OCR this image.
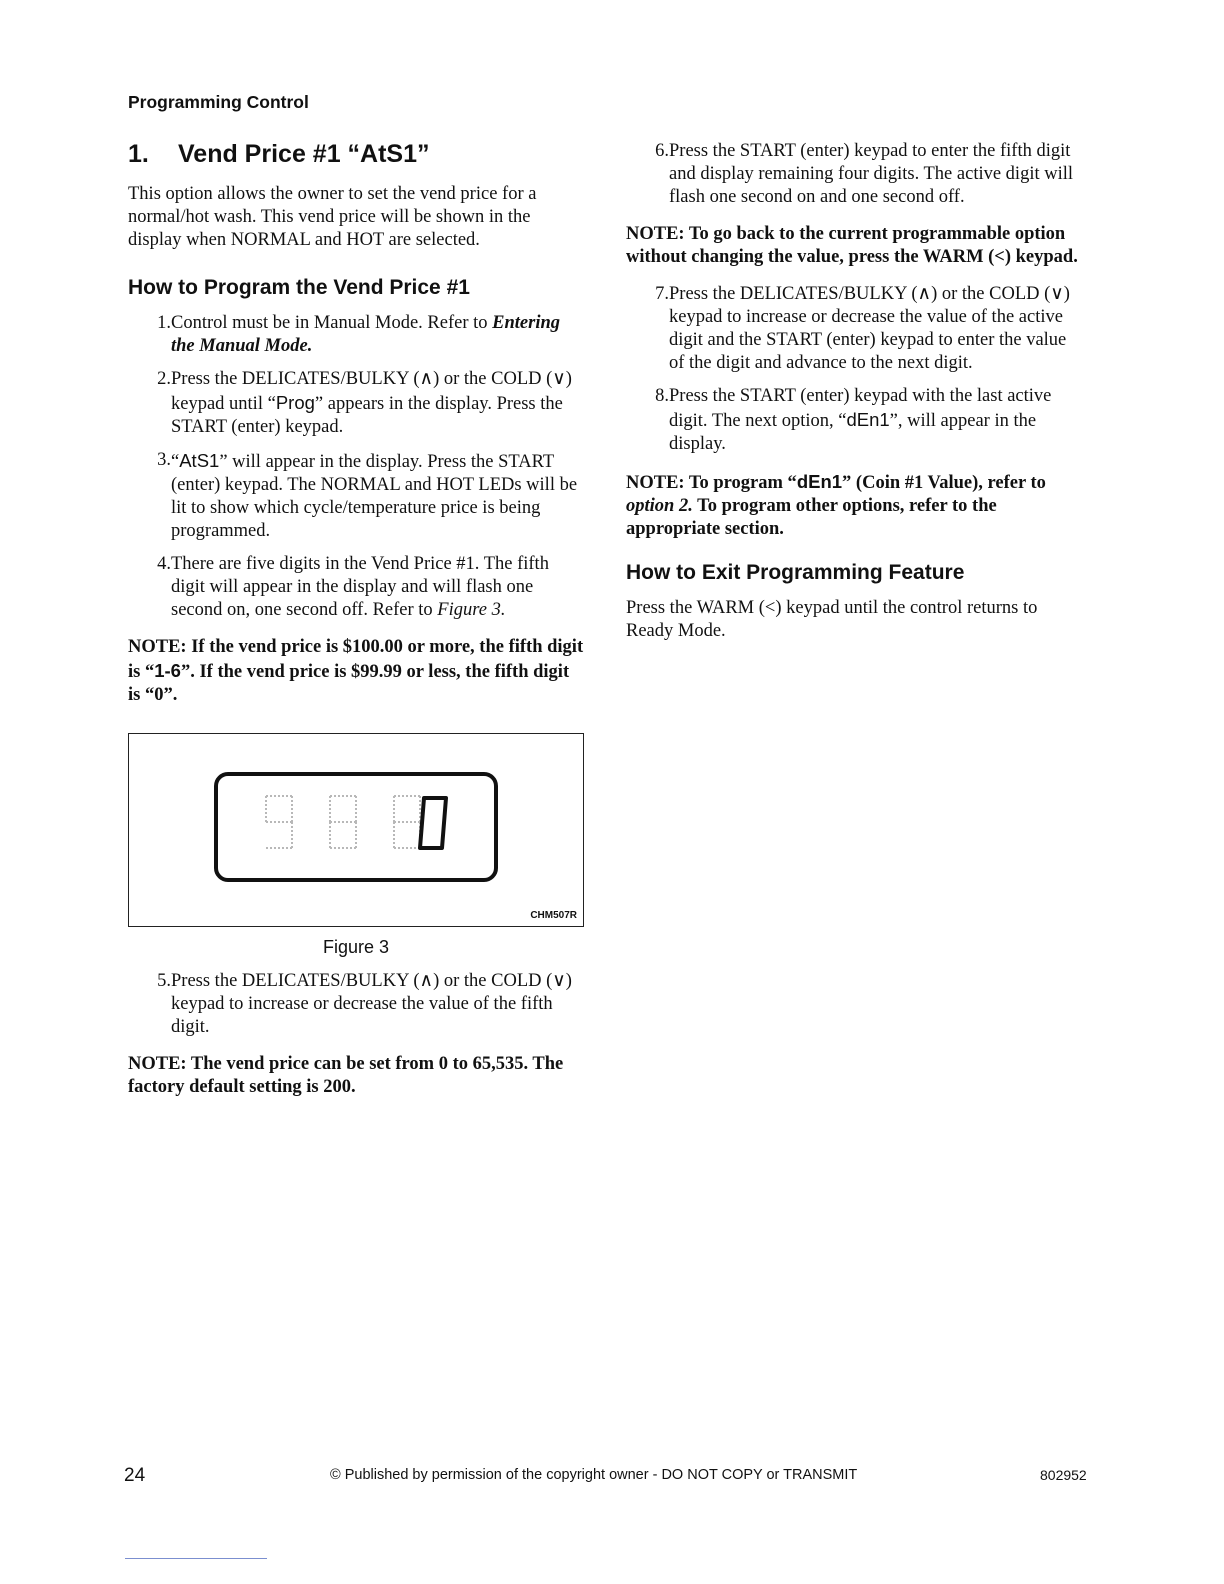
Programming Control
1.	Vend Price #1 “AtS1”

This option allows the owner to set the vend price for a normal/hot wash. This vend price will be shown in the display when NORMAL and HOT are selected.

How to Program the Vend Price #1
1. Control must be in Manual Mode. Refer to Entering the Manual Mode.
2. Press the DELICATES/BULKY (∧) or the COLD (∨) keypad until “Prog” appears in the display. Press the START (enter) keypad.
3. “AtS1” will appear in the display. Press the START (enter) keypad. The NORMAL and HOT LEDs will be lit to show which cycle/temperature price is being programmed.
4. There are five digits in the Vend Price #1. The fifth digit will appear in the display and will flash one second on, one second off. Refer to Figure 3.
NOTE: If the vend price is $100.00 or more, the fifth digit is “1-6”. If the vend price is $99.99 or less, the fifth digit is “0”.
0
CHM507R
Figure 3
5. Press the DELICATES/BULKY (∧) or the COLD (∨) keypad to increase or decrease the value of the fifth digit.
NOTE: The vend price can be set from 0 to 65,535. The factory default setting is 200.
6. Press the START (enter) keypad to enter the fifth digit and display remaining four digits. The active digit will flash one second on and one second off.
NOTE: To go back to the current programmable option without changing the value, press the WARM (<) keypad.
7. Press the DELICATES/BULKY (∧) or the COLD (∨) keypad to increase or decrease the value of the active digit and the START (enter) keypad to enter the value of the digit and advance to the next digit.
8. Press the START (enter) keypad with the last active digit. The next option, “dEn1”, will appear in the display.
NOTE: To program “dEn1” (Coin #1 Value), refer to option 2. To program other options, refer to the appropriate section.
How to Exit Programming Feature

Press the WARM (<) keypad until the control returns to Ready Mode.

24	© Published by permission of the copyright owner - DO NOT COPY or TRANSMIT	802952
